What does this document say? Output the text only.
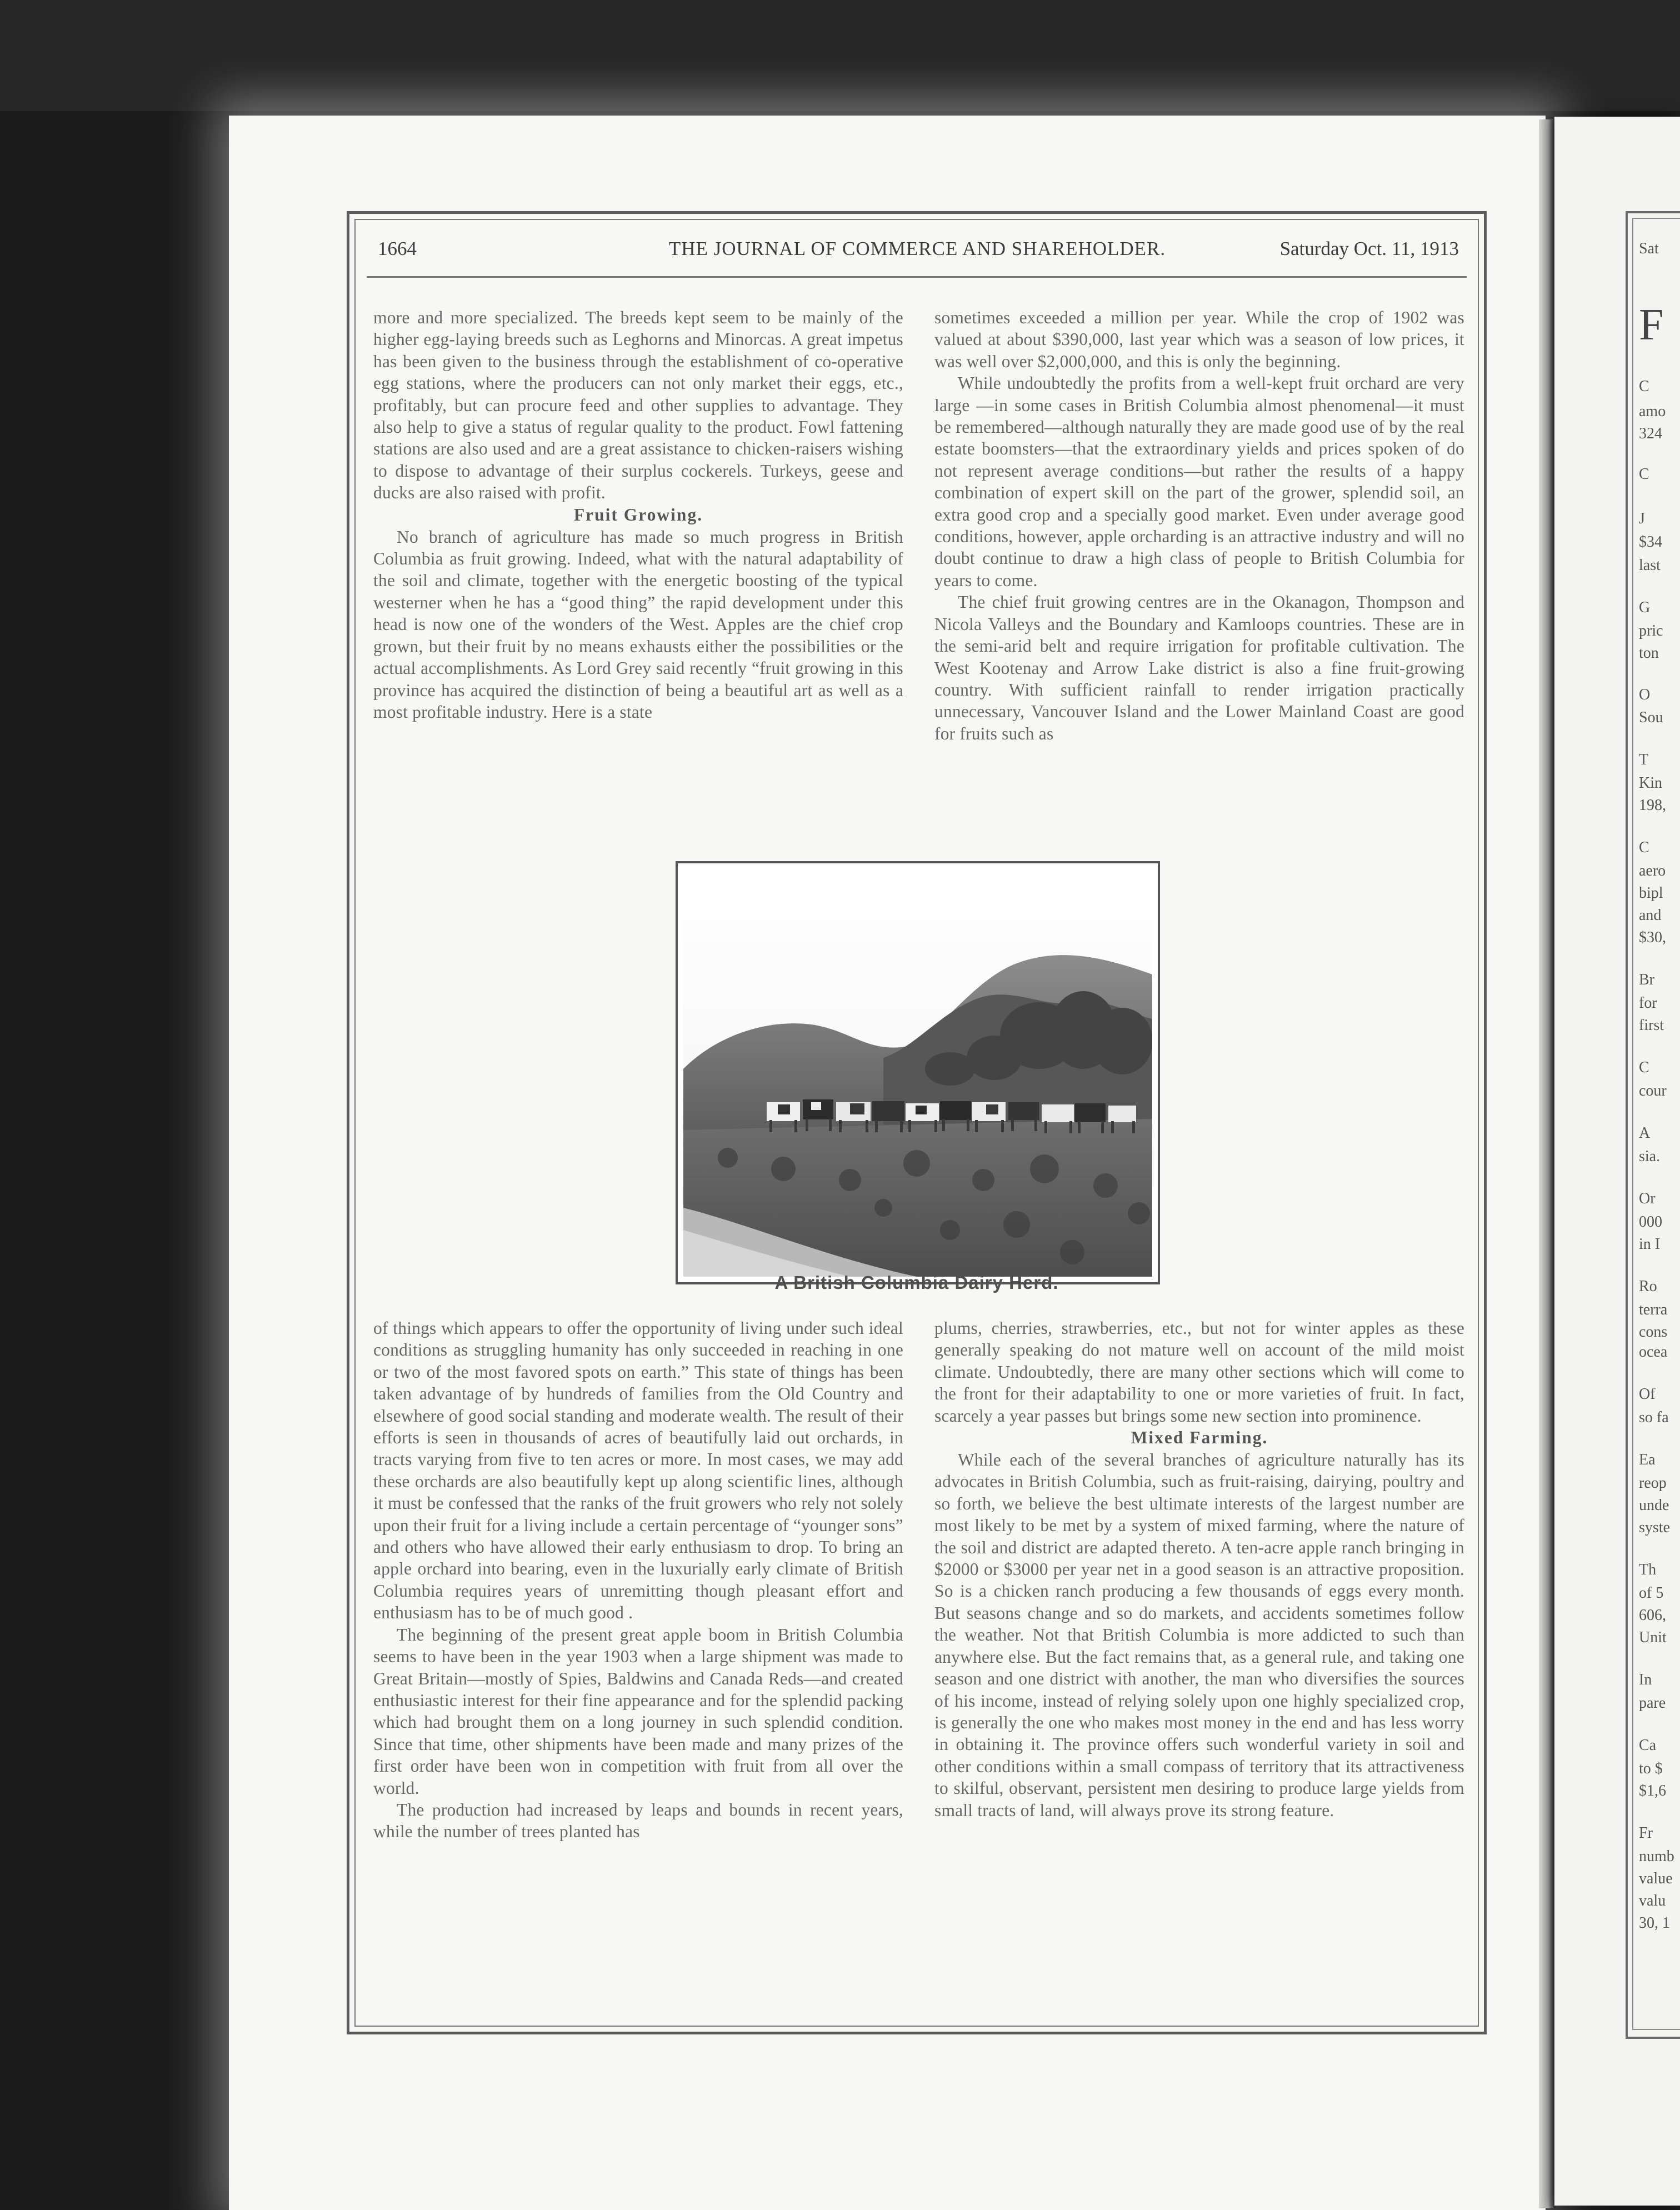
Sat
F
C
amo
324
C
J
$34
last
G
pric
ton
O
Sou
T
Kin
198,
C
aero
bipl
and
$30,
Br
for
first
C
cour
A
sia.
Or
000
in I
Ro
terra
cons
ocea
Of
so fa
Ea
reop
unde
syste
Th
of 5
606,
Unit
In
pare
Ca
to $
$1,6
Fr
numb
value
valu
30, 1
1664	THE JOURNAL OF COMMERCE AND SHAREHOLDER.	Saturday Oct. 11, 1913

more and more specialized. The breeds kept seem to be mainly of the higher egg-laying breeds such as Leghorns and Minorcas. A great impetus has been given to the business through the establishment of co-operative egg stations, where the producers can not only market their eggs, etc., profitably, but can procure feed and other supplies to advantage. They also help to give a status of regular quality to the product. Fowl fattening stations are also used and are a great assistance to chicken-raisers wishing to dispose to advantage of their surplus cockerels. Turkeys, geese and ducks are also raised with profit.

Fruit Growing.

No branch of agriculture has made so much progress in British Columbia as fruit growing. Indeed, what with the natural adaptability of the soil and climate, together with the energetic boosting of the typical westerner when he has a “good thing” the rapid development under this head is now one of the wonders of the West. Apples are the chief crop grown, but their fruit by no means exhausts either the possibilities or the actual accomplishments. As Lord Grey said recently “fruit growing in this province has acquired the distinction of being a beautiful art as well as a most profitable industry. Here is a state

sometimes exceeded a million per year. While the crop of 1902 was valued at about $390,000, last year which was a season of low prices, it was well over $2,000,000, and this is only the beginning.

While undoubtedly the profits from a well-kept fruit orchard are very large —in some cases in British Columbia almost phenomenal—it must be remembered—although naturally they are made good use of by the real estate boomsters—that the extraordinary yields and prices spoken of do not represent average conditions—but rather the results of a happy combination of expert skill on the part of the grower, splendid soil, an extra good crop and a specially good market. Even under average good conditions, however, apple orcharding is an attractive industry and will no doubt continue to draw a high class of people to British Columbia for years to come.

The chief fruit growing centres are in the Okanagon, Thompson and Nicola Valleys and the Boundary and Kamloops countries. These are in the semi-arid belt and require irrigation for profitable cultivation. The West Kootenay and Arrow Lake district is also a fine fruit-growing country. With sufficient rainfall to render irrigation practically unnecessary, Vancouver Island and the Lower Mainland Coast are good for fruits such as

A British Columbia Dairy Herd.

of things which appears to offer the opportunity of living under such ideal conditions as struggling humanity has only succeeded in reaching in one or two of the most favored spots on earth.” This state of things has been taken advantage of by hundreds of families from the Old Country and elsewhere of good social standing and moderate wealth. The result of their efforts is seen in thousands of acres of beautifully laid out orchards, in tracts varying from five to ten acres or more. In most cases, we may add these orchards are also beautifully kept up along scientific lines, although it must be confessed that the ranks of the fruit growers who rely not solely upon their fruit for a living include a certain percentage of “younger sons” and others who have allowed their early enthusiasm to drop. To bring an apple orchard into bearing, even in the luxurially early climate of British Columbia requires years of unremitting though pleasant effort and enthusiasm has to be of much good .

The beginning of the present great apple boom in British Columbia seems to have been in the year 1903 when a large shipment was made to Great Britain—mostly of Spies, Baldwins and Canada Reds—and created enthusiastic interest for their fine appearance and for the splendid packing which had brought them on a long journey in such splendid condition. Since that time, other shipments have been made and many prizes of the first order have been won in competition with fruit from all over the world.

The production had increased by leaps and bounds in recent years, while the number of trees planted has

plums, cherries, strawberries, etc., but not for winter apples as these generally speaking do not mature well on account of the mild moist climate. Undoubtedly, there are many other sections which will come to the front for their adaptability to one or more varieties of fruit. In fact, scarcely a year passes but brings some new section into prominence.

Mixed Farming.

While each of the several branches of agriculture naturally has its advocates in British Columbia, such as fruit-raising, dairying, poultry and so forth, we believe the best ultimate interests of the largest number are most likely to be met by a system of mixed farming, where the nature of the soil and district are adapted thereto. A ten-acre apple ranch bringing in $2000 or $3000 per year net in a good season is an attractive proposition. So is a chicken ranch producing a few thousands of eggs every month. But seasons change and so do markets, and accidents sometimes follow the weather. Not that British Columbia is more addicted to such than anywhere else. But the fact remains that, as a general rule, and taking one season and one district with another, the man who diversifies the sources of his income, instead of relying solely upon one highly specialized crop, is generally the one who makes most money in the end and has less worry in obtaining it. The province offers such wonderful variety in soil and other conditions within a small compass of territory that its attractiveness to skilful, observant, persistent men desiring to produce large yields from small tracts of land, will always prove its strong feature.
